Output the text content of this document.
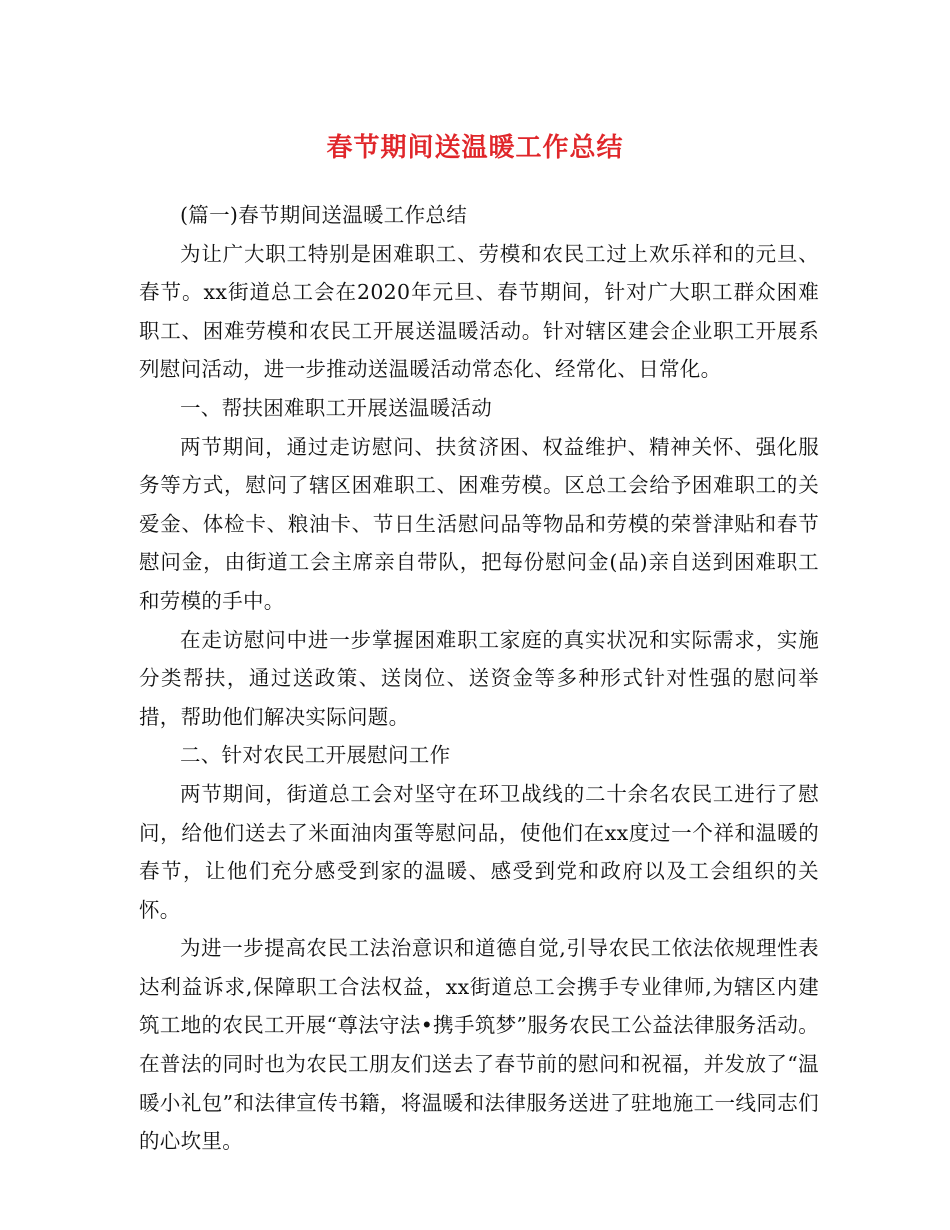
春节期间送温暖工作总结

(篇一)春节期间送温暖工作总结

为让广大职工特别是困难职工、劳模和农民工过上欢乐祥和的元旦、春节。xx街道总工会在2020年元旦、春节期间，针对广大职工群众困难职工、困难劳模和农民工开展送温暖活动。针对辖区建会企业职工开展系列慰问活动，进一步推动送温暖活动常态化、经常化、日常化。

一、帮扶困难职工开展送温暖活动

两节期间，通过走访慰问、扶贫济困、权益维护、精神关怀、强化服务等方式，慰问了辖区困难职工、困难劳模。区总工会给予困难职工的关爱金、体检卡、粮油卡、节日生活慰问品等物品和劳模的荣誉津贴和春节慰问金，由街道工会主席亲自带队，把每份慰问金(品)亲自送到困难职工和劳模的手中。

在走访慰问中进一步掌握困难职工家庭的真实状况和实际需求，实施分类帮扶，通过送政策、送岗位、送资金等多种形式针对性强的慰问举措，帮助他们解决实际问题。

二、针对农民工开展慰问工作

两节期间，街道总工会对坚守在环卫战线的二十余名农民工进行了慰问，给他们送去了米面油肉蛋等慰问品，使他们在xx度过一个祥和温暖的春节，让他们充分感受到家的温暖、感受到党和政府以及工会组织的关怀。

为进一步提高农民工法治意识和道德自觉,引导农民工依法依规理性表达利益诉求,保障职工合法权益，xx街道总工会携手专业律师,为辖区内建筑工地的农民工开展“尊法守法•携手筑梦”服务农民工公益法律服务活动。在普法的同时也为农民工朋友们送去了春节前的慰问和祝福，并发放了“温暖小礼包”和法律宣传书籍，将温暖和法律服务送进了驻地施工一线同志们的心坎里。
